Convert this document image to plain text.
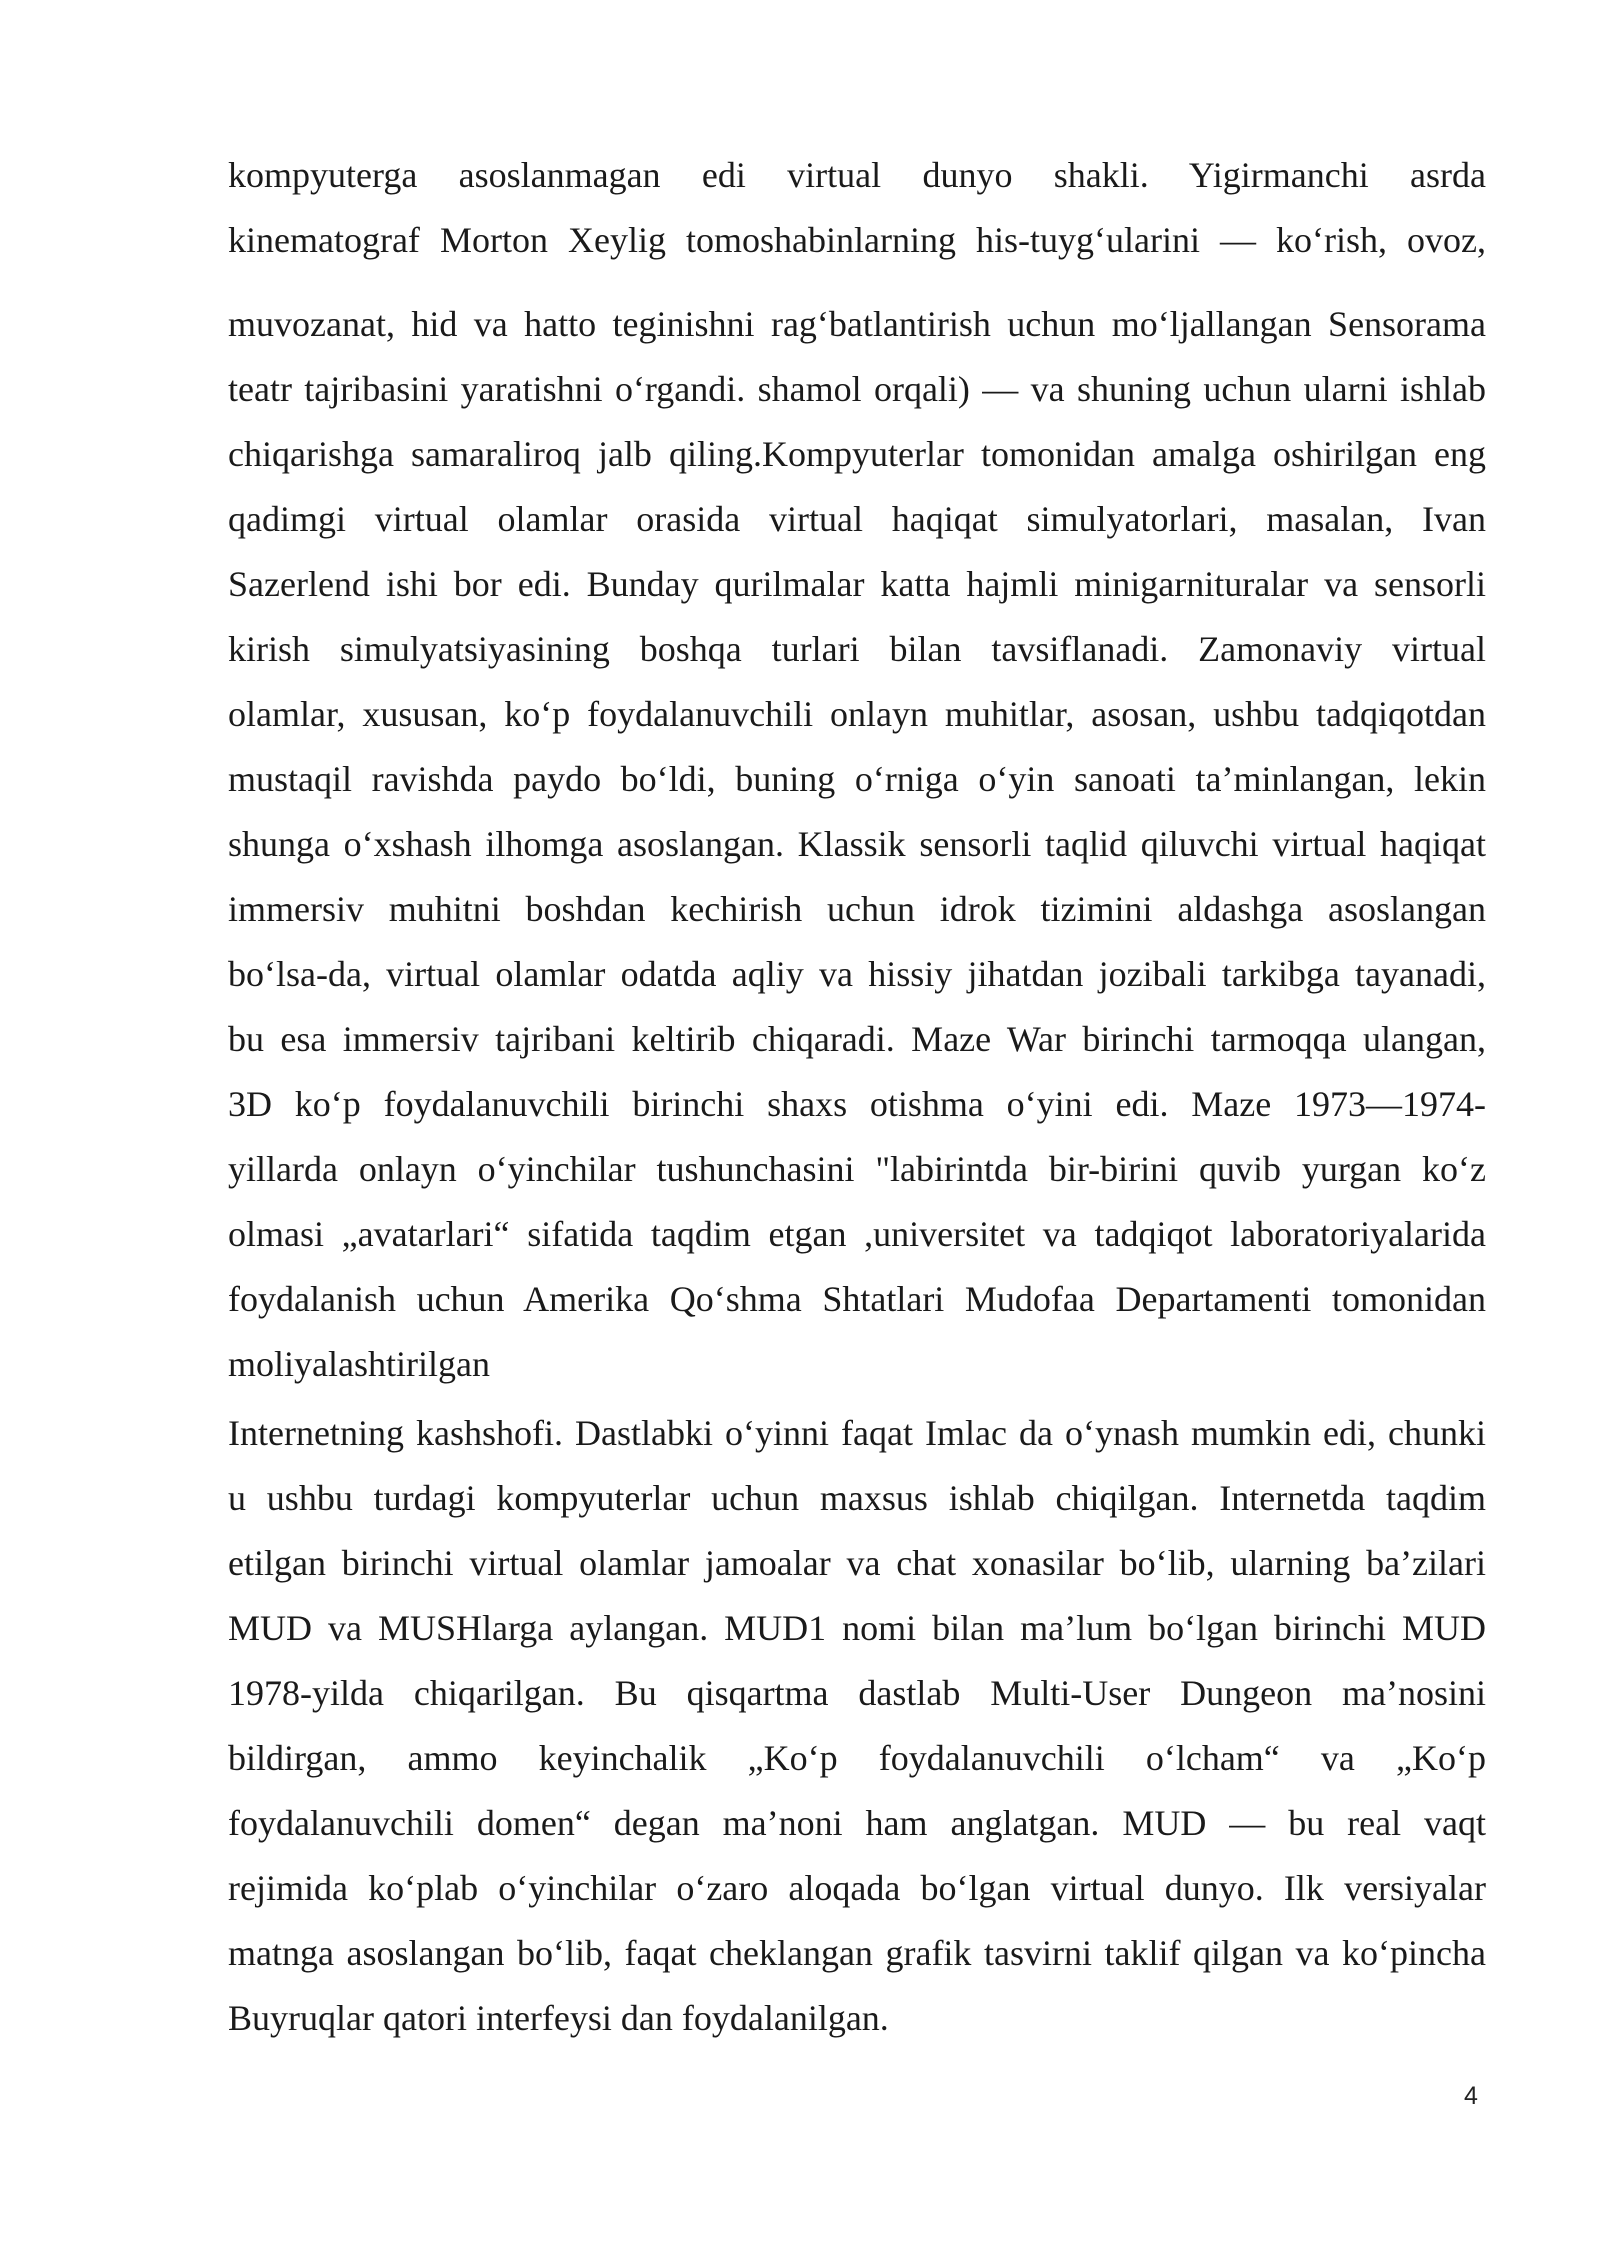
kompyuterga asoslanmagan edi virtual dunyo shakli. Yigirmanchi asrda
kinematograf Morton Xeylig tomoshabinlarning his-tuygʻularini — koʻrish, ovoz,
muvozanat, hid va hatto teginishni ragʻbatlantirish uchun moʻljallangan Sensorama
teatr tajribasini yaratishni oʻrgandi. shamol orqali) — va shuning uchun ularni ishlab
chiqarishga samaraliroq jalb qiling.Kompyuterlar tomonidan amalga oshirilgan eng
qadimgi virtual olamlar orasida virtual haqiqat simulyatorlari, masalan, Ivan
Sazerlend ishi bor edi. Bunday qurilmalar katta hajmli minigarnituralar va sensorli
kirish simulyatsiyasining boshqa turlari bilan tavsiflanadi. Zamonaviy virtual
olamlar, xususan, koʻp foydalanuvchili onlayn muhitlar, asosan, ushbu tadqiqotdan
mustaqil ravishda paydo boʻldi, buning oʻrniga oʻyin sanoati ta’minlangan, lekin
shunga oʻxshash ilhomga asoslangan. Klassik sensorli taqlid qiluvchi virtual haqiqat
immersiv muhitni boshdan kechirish uchun idrok tizimini aldashga asoslangan
boʻlsa-da, virtual olamlar odatda aqliy va hissiy jihatdan jozibali tarkibga tayanadi,
bu esa immersiv tajribani keltirib chiqaradi. Maze War birinchi tarmoqqa ulangan,
3D koʻp foydalanuvchili birinchi shaxs otishma oʻyini edi. Maze 1973—1974-
yillarda onlayn oʻyinchilar tushunchasini "labirintda bir-birini quvib yurgan koʻz
olmasi „avatarlari“ sifatida taqdim etgan ,universitet va tadqiqot laboratoriyalarida
foydalanish uchun Amerika Qoʻshma Shtatlari Mudofaa Departamenti tomonidan
moliyalashtirilgan
Internetning kashshofi. Dastlabki oʻyinni faqat Imlac da oʻynash mumkin edi, chunki
u ushbu turdagi kompyuterlar uchun maxsus ishlab chiqilgan. Internetda taqdim
etilgan birinchi virtual olamlar jamoalar va chat xonasilar boʻlib, ularning ba’zilari
MUD va MUSHlarga aylangan. MUD1 nomi bilan ma’lum boʻlgan birinchi MUD
1978-yilda chiqarilgan. Bu qisqartma dastlab Multi-User Dungeon ma’nosini
bildirgan, ammo keyinchalik „Koʻp foydalanuvchili oʻlcham“ va „Koʻp
foydalanuvchili domen“ degan ma’noni ham anglatgan. MUD — bu real vaqt
rejimida koʻplab oʻyinchilar oʻzaro aloqada boʻlgan virtual dunyo. Ilk versiyalar
matnga asoslangan boʻlib, faqat cheklangan grafik tasvirni taklif qilgan va koʻpincha
Buyruqlar qatori interfeysi dan foydalanilgan.
4
